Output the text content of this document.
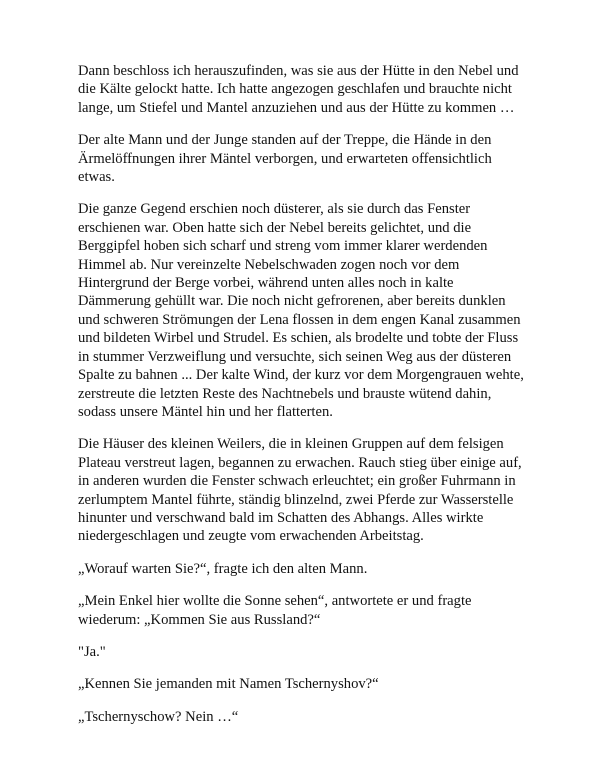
Dann beschloss ich herauszufinden, was sie aus der Hütte in den Nebel und die Kälte gelockt hatte. Ich hatte angezogen geschlafen und brauchte nicht lange, um Stiefel und Mantel anzuziehen und aus der Hütte zu kommen …

Der alte Mann und der Junge standen auf der Treppe, die Hände in den Ärmelöffnungen ihrer Mäntel verborgen, und erwarteten offensichtlich etwas.

Die ganze Gegend erschien noch düsterer, als sie durch das Fenster erschienen war. Oben hatte sich der Nebel bereits gelichtet, und die Berggipfel hoben sich scharf und streng vom immer klarer werdenden Himmel ab. Nur vereinzelte Nebelschwaden zogen noch vor dem Hintergrund der Berge vorbei, während unten alles noch in kalte Dämmerung gehüllt war. Die noch nicht gefrorenen, aber bereits dunklen und schweren Strömungen der Lena flossen in dem engen Kanal zusammen und bildeten Wirbel und Strudel. Es schien, als brodelte und tobte der Fluss in stummer Verzweiflung und versuchte, sich seinen Weg aus der düsteren Spalte zu bahnen ... Der kalte Wind, der kurz vor dem Morgengrauen wehte, zerstreute die letzten Reste des Nachtnebels und brauste wütend dahin, sodass unsere Mäntel hin und her flatterten.

Die Häuser des kleinen Weilers, die in kleinen Gruppen auf dem felsigen Plateau verstreut lagen, begannen zu erwachen. Rauch stieg über einige auf, in anderen wurden die Fenster schwach erleuchtet; ein großer Fuhrmann in zerlumptem Mantel führte, ständig blinzelnd, zwei Pferde zur Wasserstelle hinunter und verschwand bald im Schatten des Abhangs. Alles wirkte niedergeschlagen und zeugte vom erwachenden Arbeitstag.

„Worauf warten Sie?“, fragte ich den alten Mann.

„Mein Enkel hier wollte die Sonne sehen“, antwortete er und fragte wiederum: „Kommen Sie aus Russland?“

"Ja."

„Kennen Sie jemanden mit Namen Tschernyshov?“

„Tschernyschow? Nein …“
